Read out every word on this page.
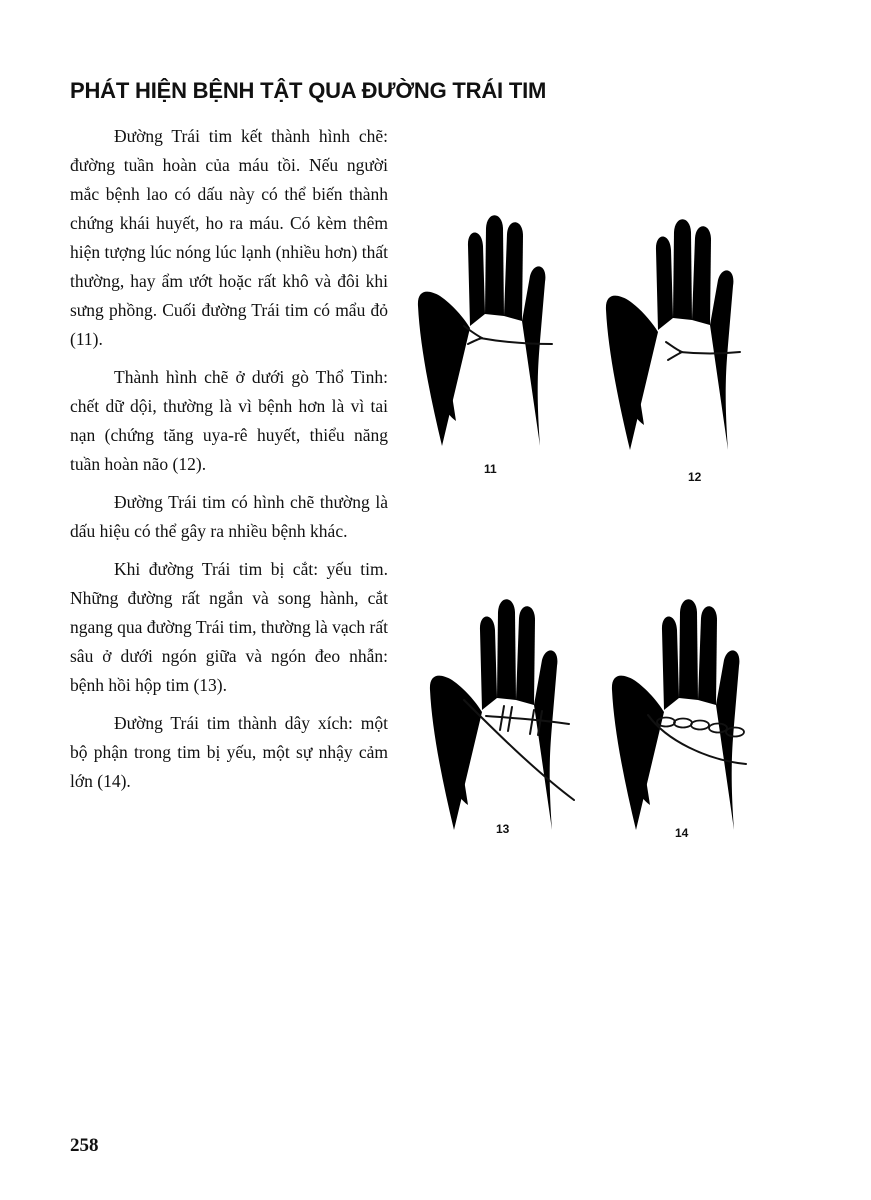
PHÁT HIỆN BỆNH TẬT QUA ĐƯỜNG TRÁI TIM

Đường Trái tim kết thành hình chẽ: đường tuần hoàn của máu tồi. Nếu người mắc bệnh lao có dấu này có thể biến thành chứng khái huyết, ho ra máu. Có kèm thêm hiện tượng lúc nóng lúc lạnh (nhiều hơn) thất thường, hay ẩm ướt hoặc rất khô và đôi khi sưng phồng. Cuối đường Trái tim có mẩu đỏ (11).

Thành hình chẽ ở dưới gò Thổ Tinh: chết dữ dội, thường là vì bệnh hơn là vì tai nạn (chứng tăng uya-rê huyết, thiểu năng tuần hoàn não (12).

Đường Trái tim có hình chẽ thường là dấu hiệu có thể gây ra nhiều bệnh khác.

Khi đường Trái tim bị cắt: yếu tim. Những đường rất ngắn và song hành, cắt ngang qua đường Trái tim, thường là vạch rất sâu ở dưới ngón giữa và ngón đeo nhẫn: bệnh hồi hộp tim (13).

Đường Trái tim thành dây xích: một bộ phận trong tim bị yếu, một sự nhậy cảm lớn (14).

11
12
13	14
258
